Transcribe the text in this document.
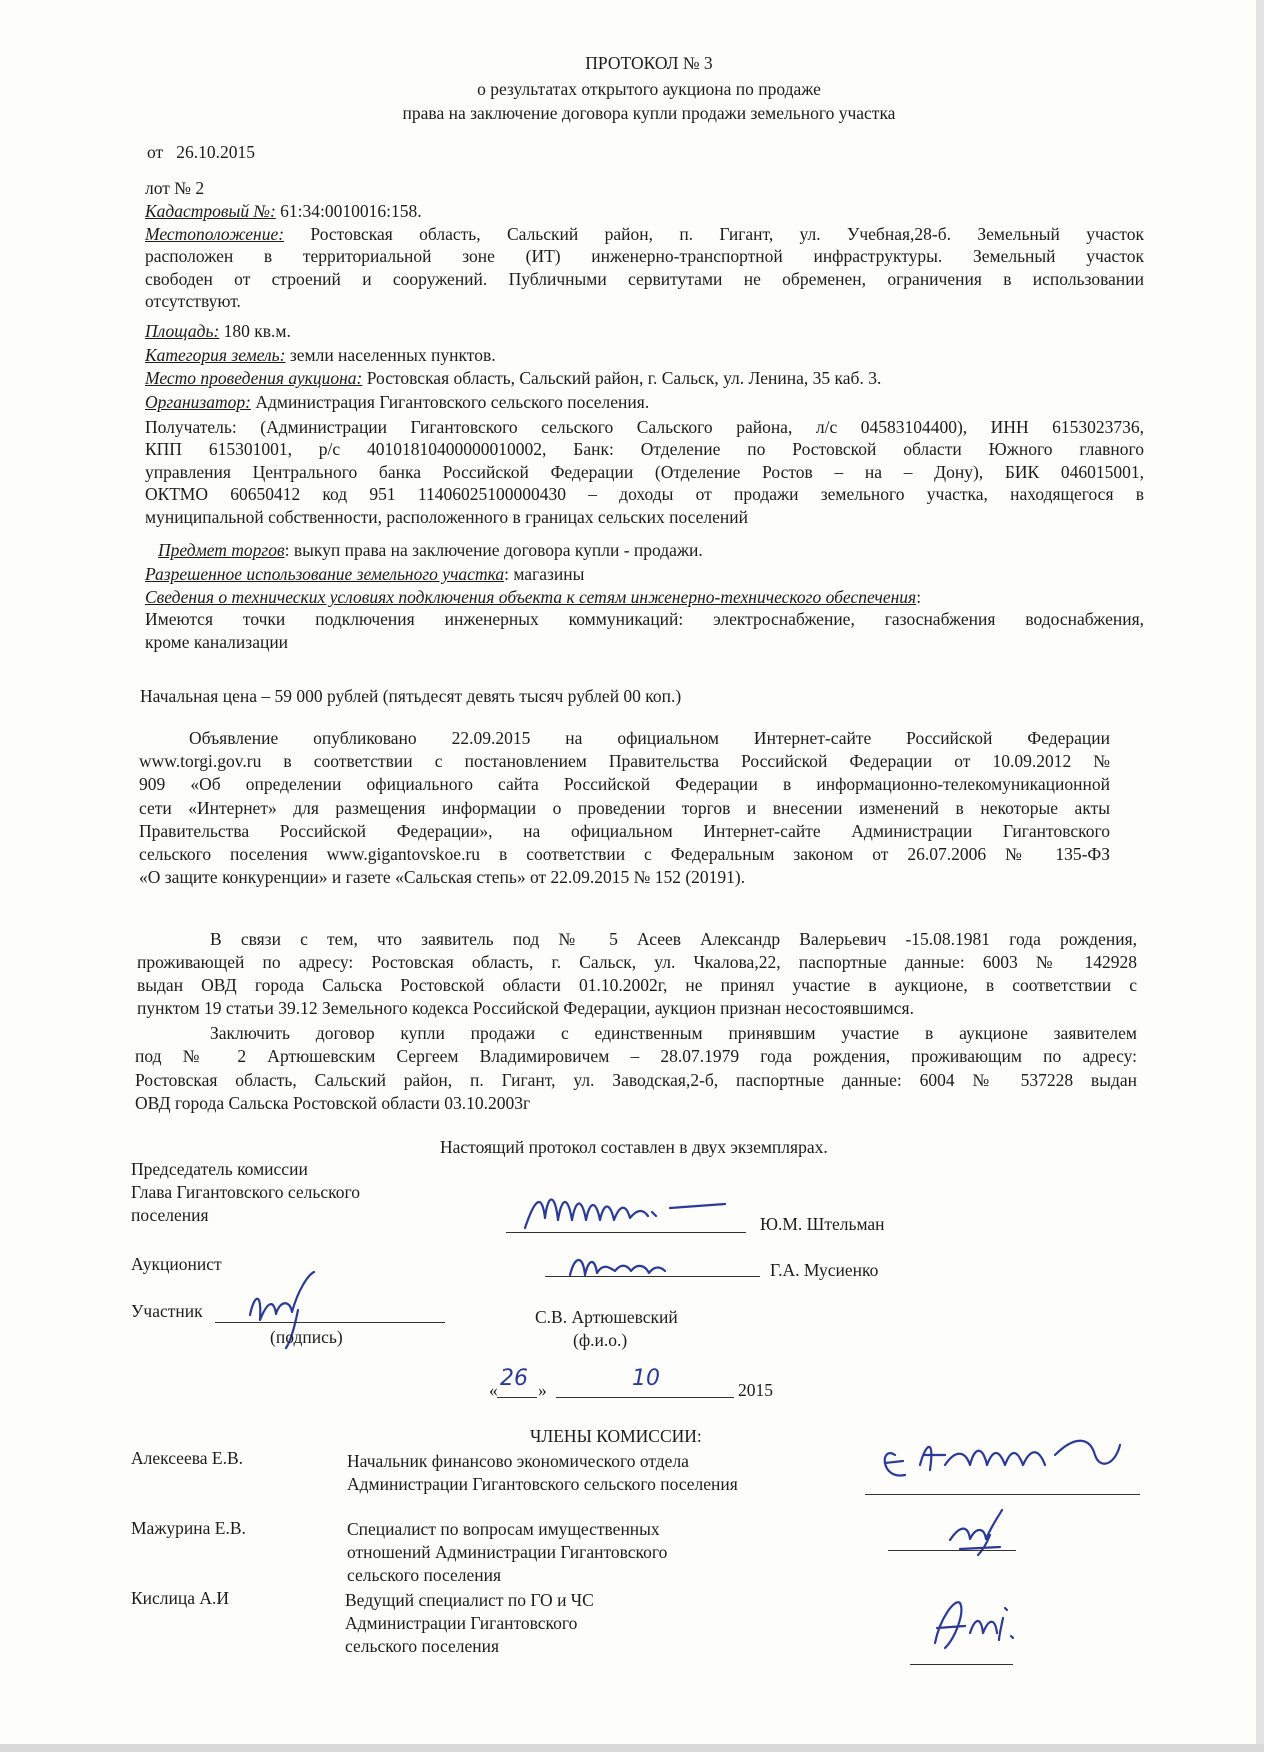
ПРОТОКОЛ № 3
о результатах открытого аукциона по продаже
права на заключение договора купли продажи земельного участка
от 26.10.2015
лот № 2
Кадастровый №: 61:34:0010016:158.
Местоположение: Ростовская область, Сальский район, п. Гигант, ул. Учебная,28-б. Земельный участок
расположен в территориальной зоне (ИТ) инженерно-транспортной инфраструктуры. Земельный участок
свободен от строений и сооружений. Публичными сервитутами не обременен, ограничения в использовании
отсутствуют.
Площадь: 180 кв.м.
Категория земель: земли населенных пунктов.
Место проведения аукциона: Ростовская область, Сальский район, г. Сальск, ул. Ленина, 35 каб. 3.
Организатор: Администрация Гигантовского сельского поселения.
Получатель: (Администрации Гигантовского сельского Сальского района, л/с 04583104400), ИНН 6153023736,
КПП 615301001, р/с 40101810400000010002, Банк: Отделение по Ростовской области Южного главного
управления Центрального банка Российской Федерации (Отделение Ростов – на – Дону), БИК 046015001,
ОКТМО 60650412 код 951 11406025100000430 – доходы от продажи земельного участка, находящегося в
муниципальной собственности, расположенного в границах сельских поселений
Предмет торгов: выкуп права на заключение договора купли - продажи.
Разрешенное использование земельного участка: магазины
Сведения о технических условиях подключения объекта к сетям инженерно-технического обеспечения:
Имеются точки подключения инженерных коммуникаций: электроснабжение, газоснабжения водоснабжения,
кроме канализации
Начальная цена – 59 000 рублей (пятьдесят девять тысяч рублей 00 коп.)
Объявление опубликовано 22.09.2015 на официальном Интернет-сайте Российской Федерации
www.torgi.gov.ru в соответствии с постановлением Правительства Российской Федерации от 10.09.2012 №
909 «Об определении официального сайта Российской Федерации в информационно-телекомуникационной
сети «Интернет» для размещения информации о проведении торгов и внесении изменений в некоторые акты
Правительства Российской Федерации», на официальном Интернет-сайте Администрации Гигантовского
сельского поселения www.gigantovskoe.ru в соответствии с Федеральным законом от 26.07.2006 № 135-ФЗ
«О защите конкуренции» и газете «Сальская степь» от 22.09.2015 № 152 (20191).
В связи с тем, что заявитель под № 5 Асеев Александр Валерьевич -15.08.1981 года рождения,
проживающей по адресу: Ростовская область, г. Сальск, ул. Чкалова,22, паспортные данные: 6003 № 142928
выдан ОВД города Сальска Ростовской области 01.10.2002г, не принял участие в аукционе, в соответствии с
пунктом 19 статьи 39.12 Земельного кодекса Российской Федерации, аукцион признан несостоявшимся.
Заключить договор купли продажи с единственным принявшим участие в аукционе заявителем
под № 2 Артюшевским Сергеем Владимировичем – 28.07.1979 года рождения, проживающим по адресу:
Ростовская область, Сальский район, п. Гигант, ул. Заводская,2-б, паспортные данные: 6004 № 537228 выдан
ОВД города Сальска Ростовской области 03.10.2003г
Настоящий протокол составлен в двух экземплярах.
Председатель комиссии
Глава Гигантовского сельского
поселения	Ю.М. Штельман
Аукционист	Г.А. Мусиенко
Участник
(подпись)
С.В. Артюшевский
(ф.и.о.)
« 26 »	10	2015
ЧЛЕНЫ КОМИССИИ:
Алексеева Е.В.	Начальник финансово экономического отдела
Администрации Гигантовского сельского поселения
Мажурина Е.В.	Специалист по вопросам имущественных
отношений Администрации Гигантовского
сельского поселения
Кислица А.И	Ведущий специалист по ГО и ЧС
Администрации Гигантовского
сельского поселения
